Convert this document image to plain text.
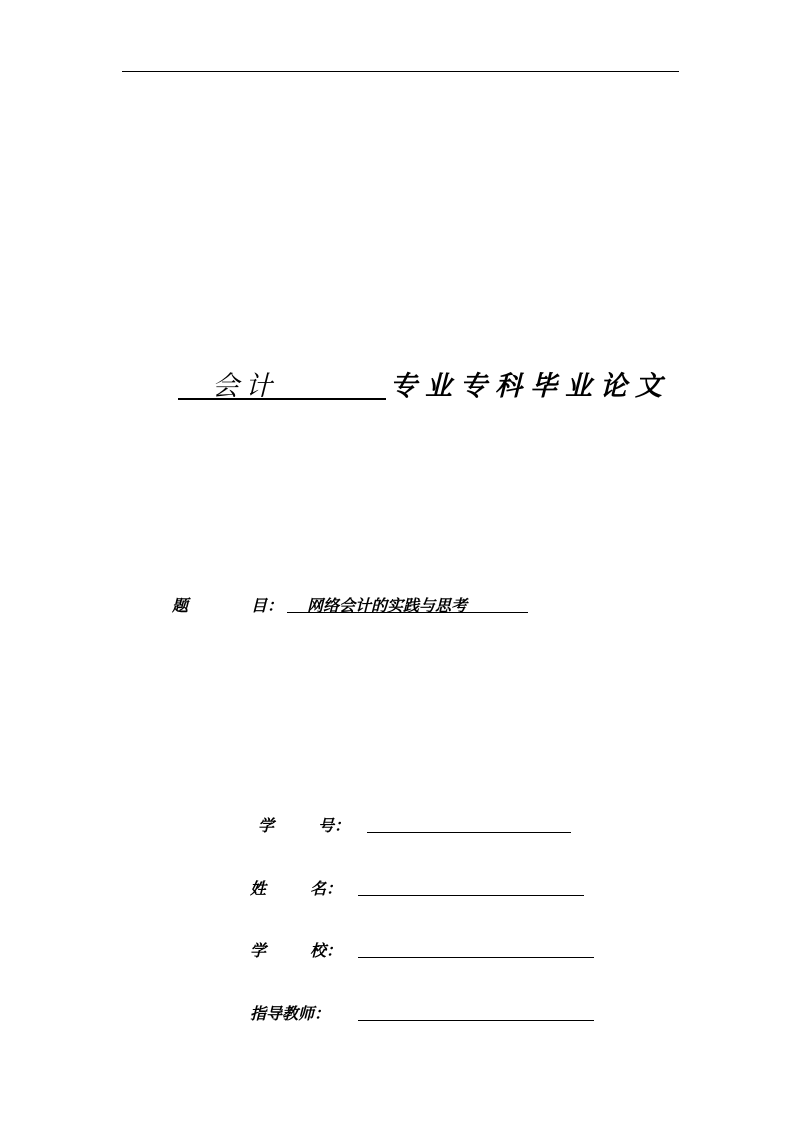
会计	专业专科毕业论文
题	目： 网络会计的实践与思考
学	号：
姓	名：
学	校：
指导教师：
